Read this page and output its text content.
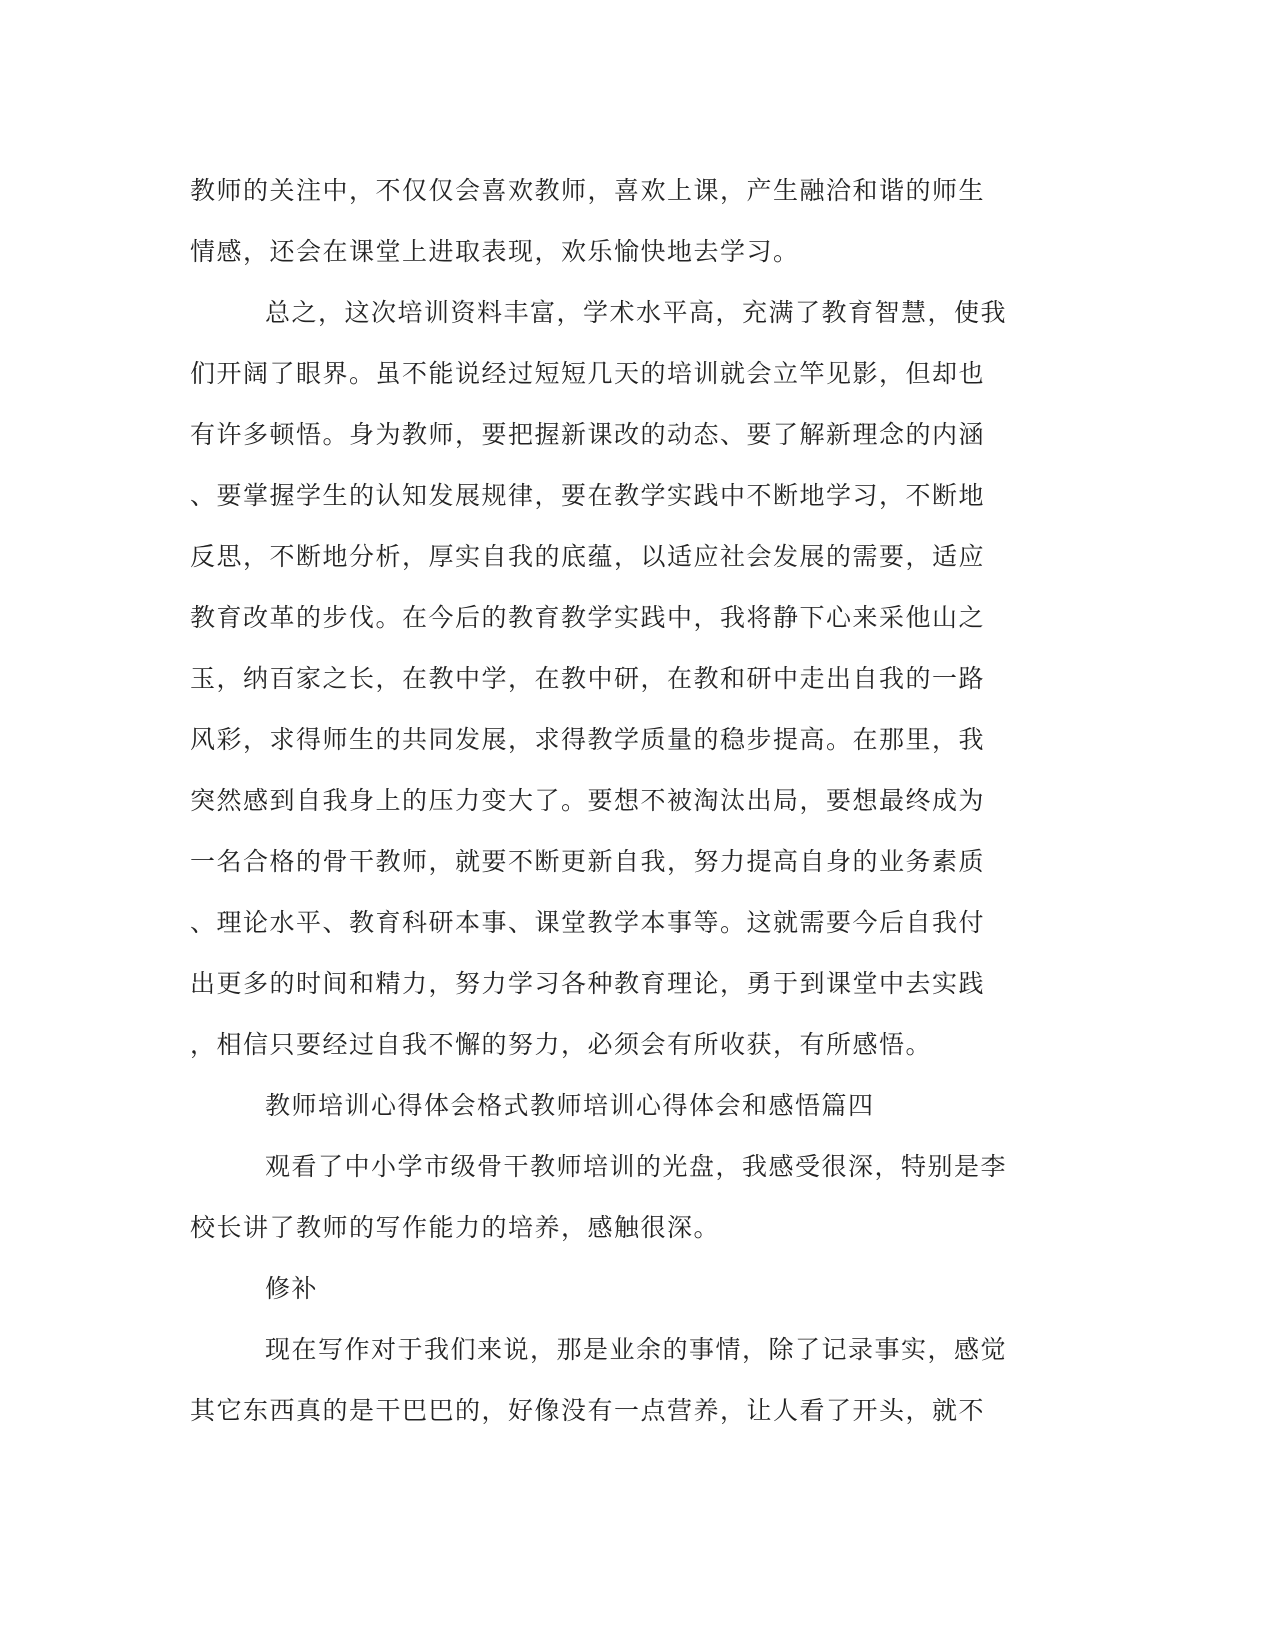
教师的关注中，不仅仅会喜欢教师，喜欢上课，产生融洽和谐的师生
情感，还会在课堂上进取表现，欢乐愉快地去学习。
总之，这次培训资料丰富，学术水平高，充满了教育智慧，使我
们开阔了眼界。虽不能说经过短短几天的培训就会立竿见影，但却也
有许多顿悟。身为教师，要把握新课改的动态、要了解新理念的内涵
、要掌握学生的认知发展规律，要在教学实践中不断地学习，不断地
反思，不断地分析，厚实自我的底蕴，以适应社会发展的需要，适应
教育改革的步伐。在今后的教育教学实践中，我将静下心来采他山之
玉，纳百家之长，在教中学，在教中研，在教和研中走出自我的一路
风彩，求得师生的共同发展，求得教学质量的稳步提高。在那里，我
突然感到自我身上的压力变大了。要想不被淘汰出局，要想最终成为
一名合格的骨干教师，就要不断更新自我，努力提高自身的业务素质
、理论水平、教育科研本事、课堂教学本事等。这就需要今后自我付
出更多的时间和精力，努力学习各种教育理论，勇于到课堂中去实践
，相信只要经过自我不懈的努力，必须会有所收获，有所感悟。
教师培训心得体会格式教师培训心得体会和感悟篇四
观看了中小学市级骨干教师培训的光盘，我感受很深，特别是李
校长讲了教师的写作能力的培养，感触很深。
修补
现在写作对于我们来说，那是业余的事情，除了记录事实，感觉
其它东西真的是干巴巴的，好像没有一点营养，让人看了开头，就不
